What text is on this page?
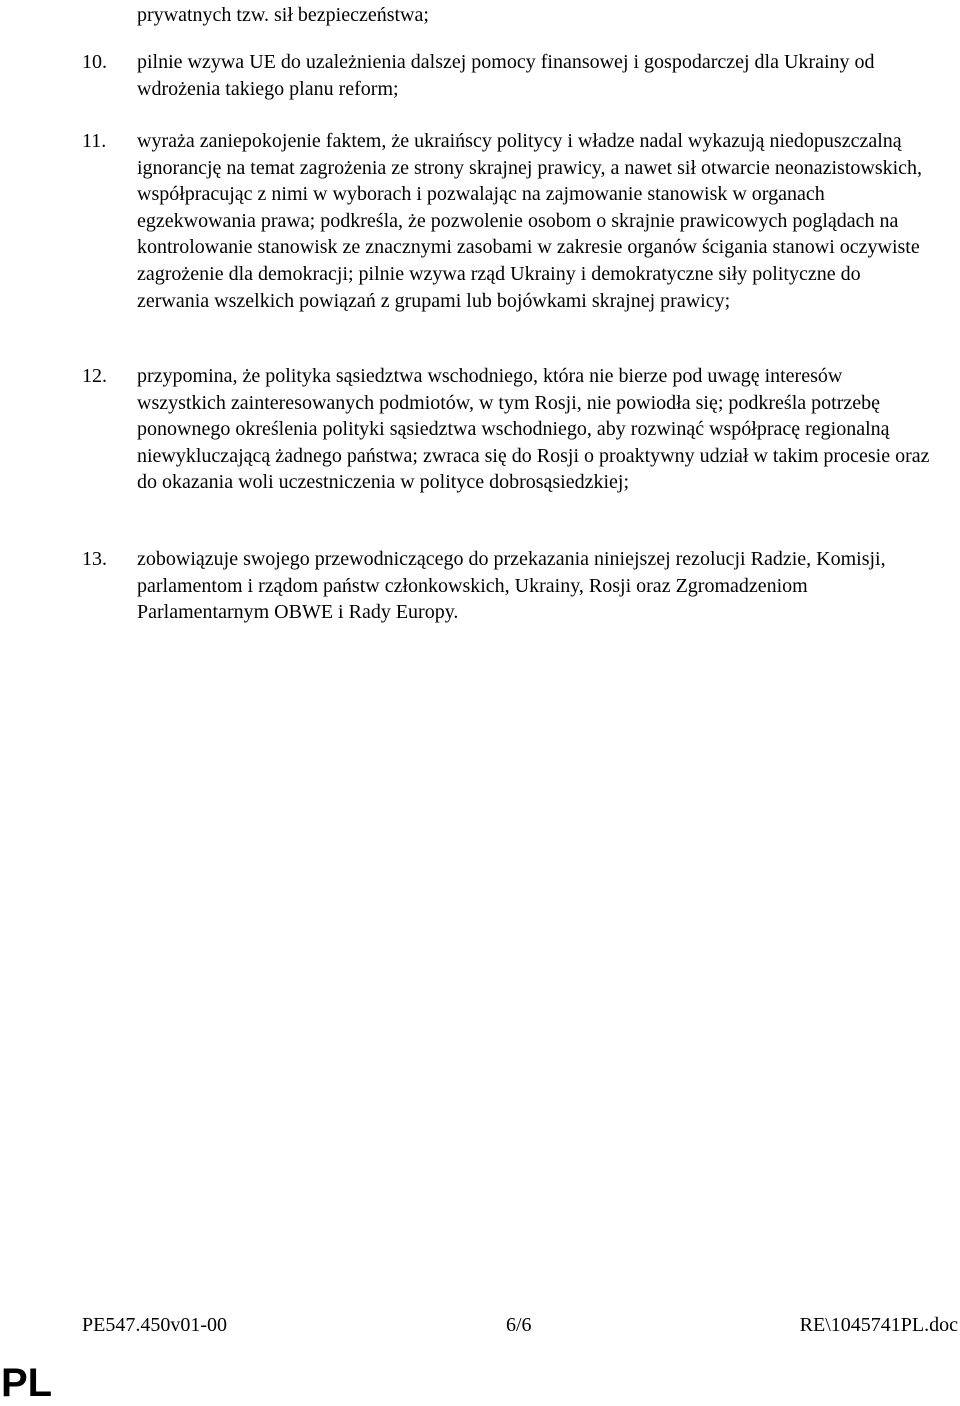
prywatnych tzw. sił bezpieczeństwa;
10. pilnie wzywa UE do uzależnienia dalszej pomocy finansowej i gospodarczej dla Ukrainy od wdrożenia takiego planu reform;
11. wyraża zaniepokojenie faktem, że ukraińscy politycy i władze nadal wykazują niedopuszczalną ignorancję na temat zagrożenia ze strony skrajnej prawicy, a nawet sił otwarcie neonazistowskich, współpracując z nimi w wyborach i pozwalając na zajmowanie stanowisk w organach egzekwowania prawa; podkreśla, że pozwolenie osobom o skrajnie prawicowych poglądach na kontrolowanie stanowisk ze znacznymi zasobami w zakresie organów ścigania stanowi oczywiste zagrożenie dla demokracji; pilnie wzywa rząd Ukrainy i demokratyczne siły polityczne do zerwania wszelkich powiązań z grupami lub bojówkami skrajnej prawicy;
12. przypomina, że polityka sąsiedztwa wschodniego, która nie bierze pod uwagę interesów wszystkich zainteresowanych podmiotów, w tym Rosji, nie powiodła się; podkreśla potrzebę ponownego określenia polityki sąsiedztwa wschodniego, aby rozwinąć współpracę regionalną niewykluczającą żadnego państwa; zwraca się do Rosji o proaktywny udział w takim procesie oraz do okazania woli uczestniczenia w polityce dobrosąsiedzkiej;
13. zobowiązuje swojego przewodniczącego do przekazania niniejszej rezolucji Radzie, Komisji, parlamentom i rządom państw członkowskich, Ukrainy, Rosji oraz Zgromadzeniom Parlamentarnym OBWE i Rady Europy.
PE547.450v01-00	6/6	RE\1045741PL.doc
PL
